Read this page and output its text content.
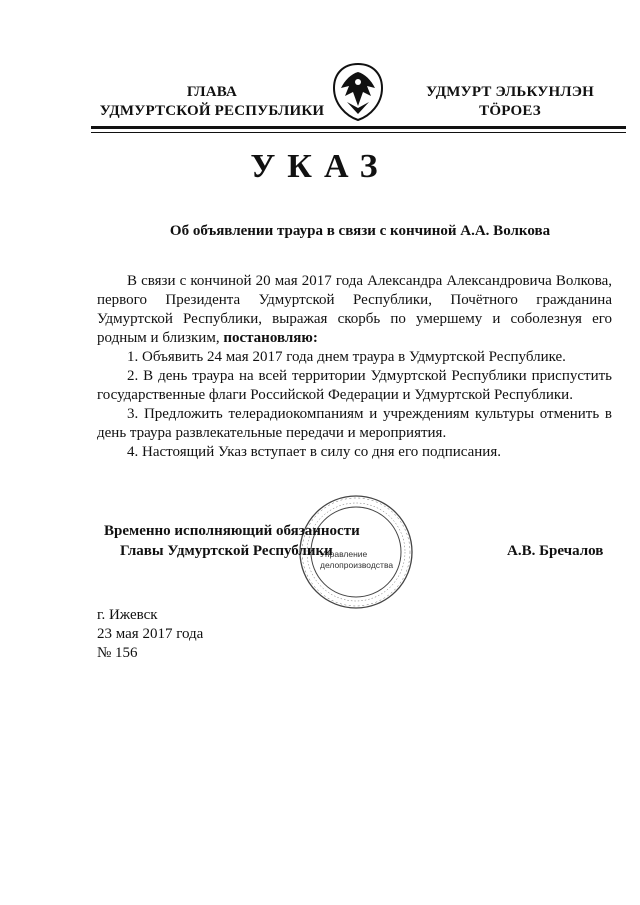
ГЛАВА
УДМУРТСКОЙ РЕСПУБЛИКИ
УДМУРТ ЭЛЬКУНЛЭН
ТӦРОЕЗ
УКАЗ
Об объявлении траура в связи с кончиной А.А. Волкова

В связи с кончиной 20 мая 2017 года Александра Александровича Волкова, первого Президента Удмуртской Республики, Почётного гражданина Удмуртской Республики, выражая скорбь по умершему и соболезнуя его родным и близким, постановляю:

1. Объявить 24 мая 2017 года днем траура в Удмуртской Республике.

2. В день траура на всей территории Удмуртской Республики приспустить государственные флаги Российской Федерации и Удмуртской Республики.

3. Предложить телерадиокомпаниям и учреждениям культуры отменить в день траура развлекательные передачи и мероприятия.

4. Настоящий Указ вступает в силу со дня его подписания.

Управление
делопроизводства
Временно исполняющий обязанности
Главы Удмуртской Республики	А.В. Бречалов
г. Ижевск
23 мая 2017 года
№ 156
